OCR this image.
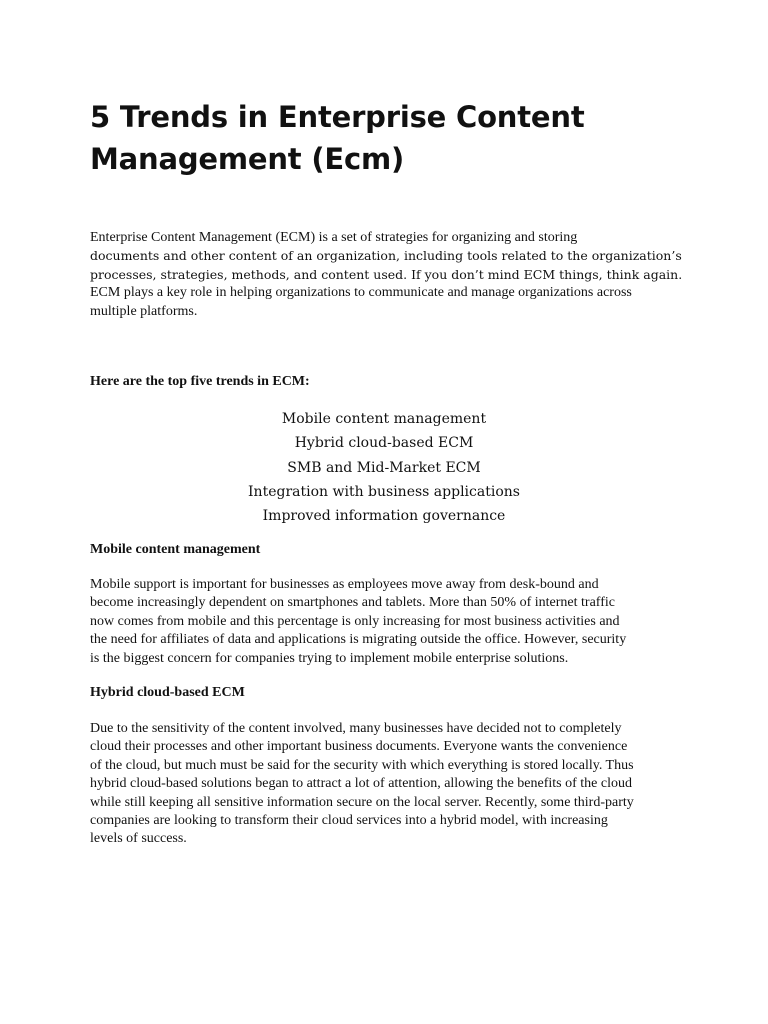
5 Trends in Enterprise Content
Management (Ecm)

Enterprise Content Management (ECM) is a set of strategies for organizing and storing
documents and other content of an organization, including tools related to the organization’s
processes, strategies, methods, and content used. If you don’t mind ECM things, think again.
ECM plays a key role in helping organizations to communicate and manage organizations across
multiple platforms.

Here are the top five trends in ECM:
Mobile content management
Hybrid cloud-based ECM
SMB and Mid-Market ECM
Integration with business applications
Improved information governance
Mobile content management

Mobile support is important for businesses as employees move away from desk-bound and
become increasingly dependent on smartphones and tablets. More than 50% of internet traffic
now comes from mobile and this percentage is only increasing for most business activities and
the need for affiliates of data and applications is migrating outside the office. However, security
is the biggest concern for companies trying to implement mobile enterprise solutions.

Hybrid cloud-based ECM

Due to the sensitivity of the content involved, many businesses have decided not to completely
cloud their processes and other important business documents. Everyone wants the convenience
of the cloud, but much must be said for the security with which everything is stored locally. Thus
hybrid cloud-based solutions began to attract a lot of attention, allowing the benefits of the cloud
while still keeping all sensitive information secure on the local server. Recently, some third-party
companies are looking to transform their cloud services into a hybrid model, with increasing
levels of success.
